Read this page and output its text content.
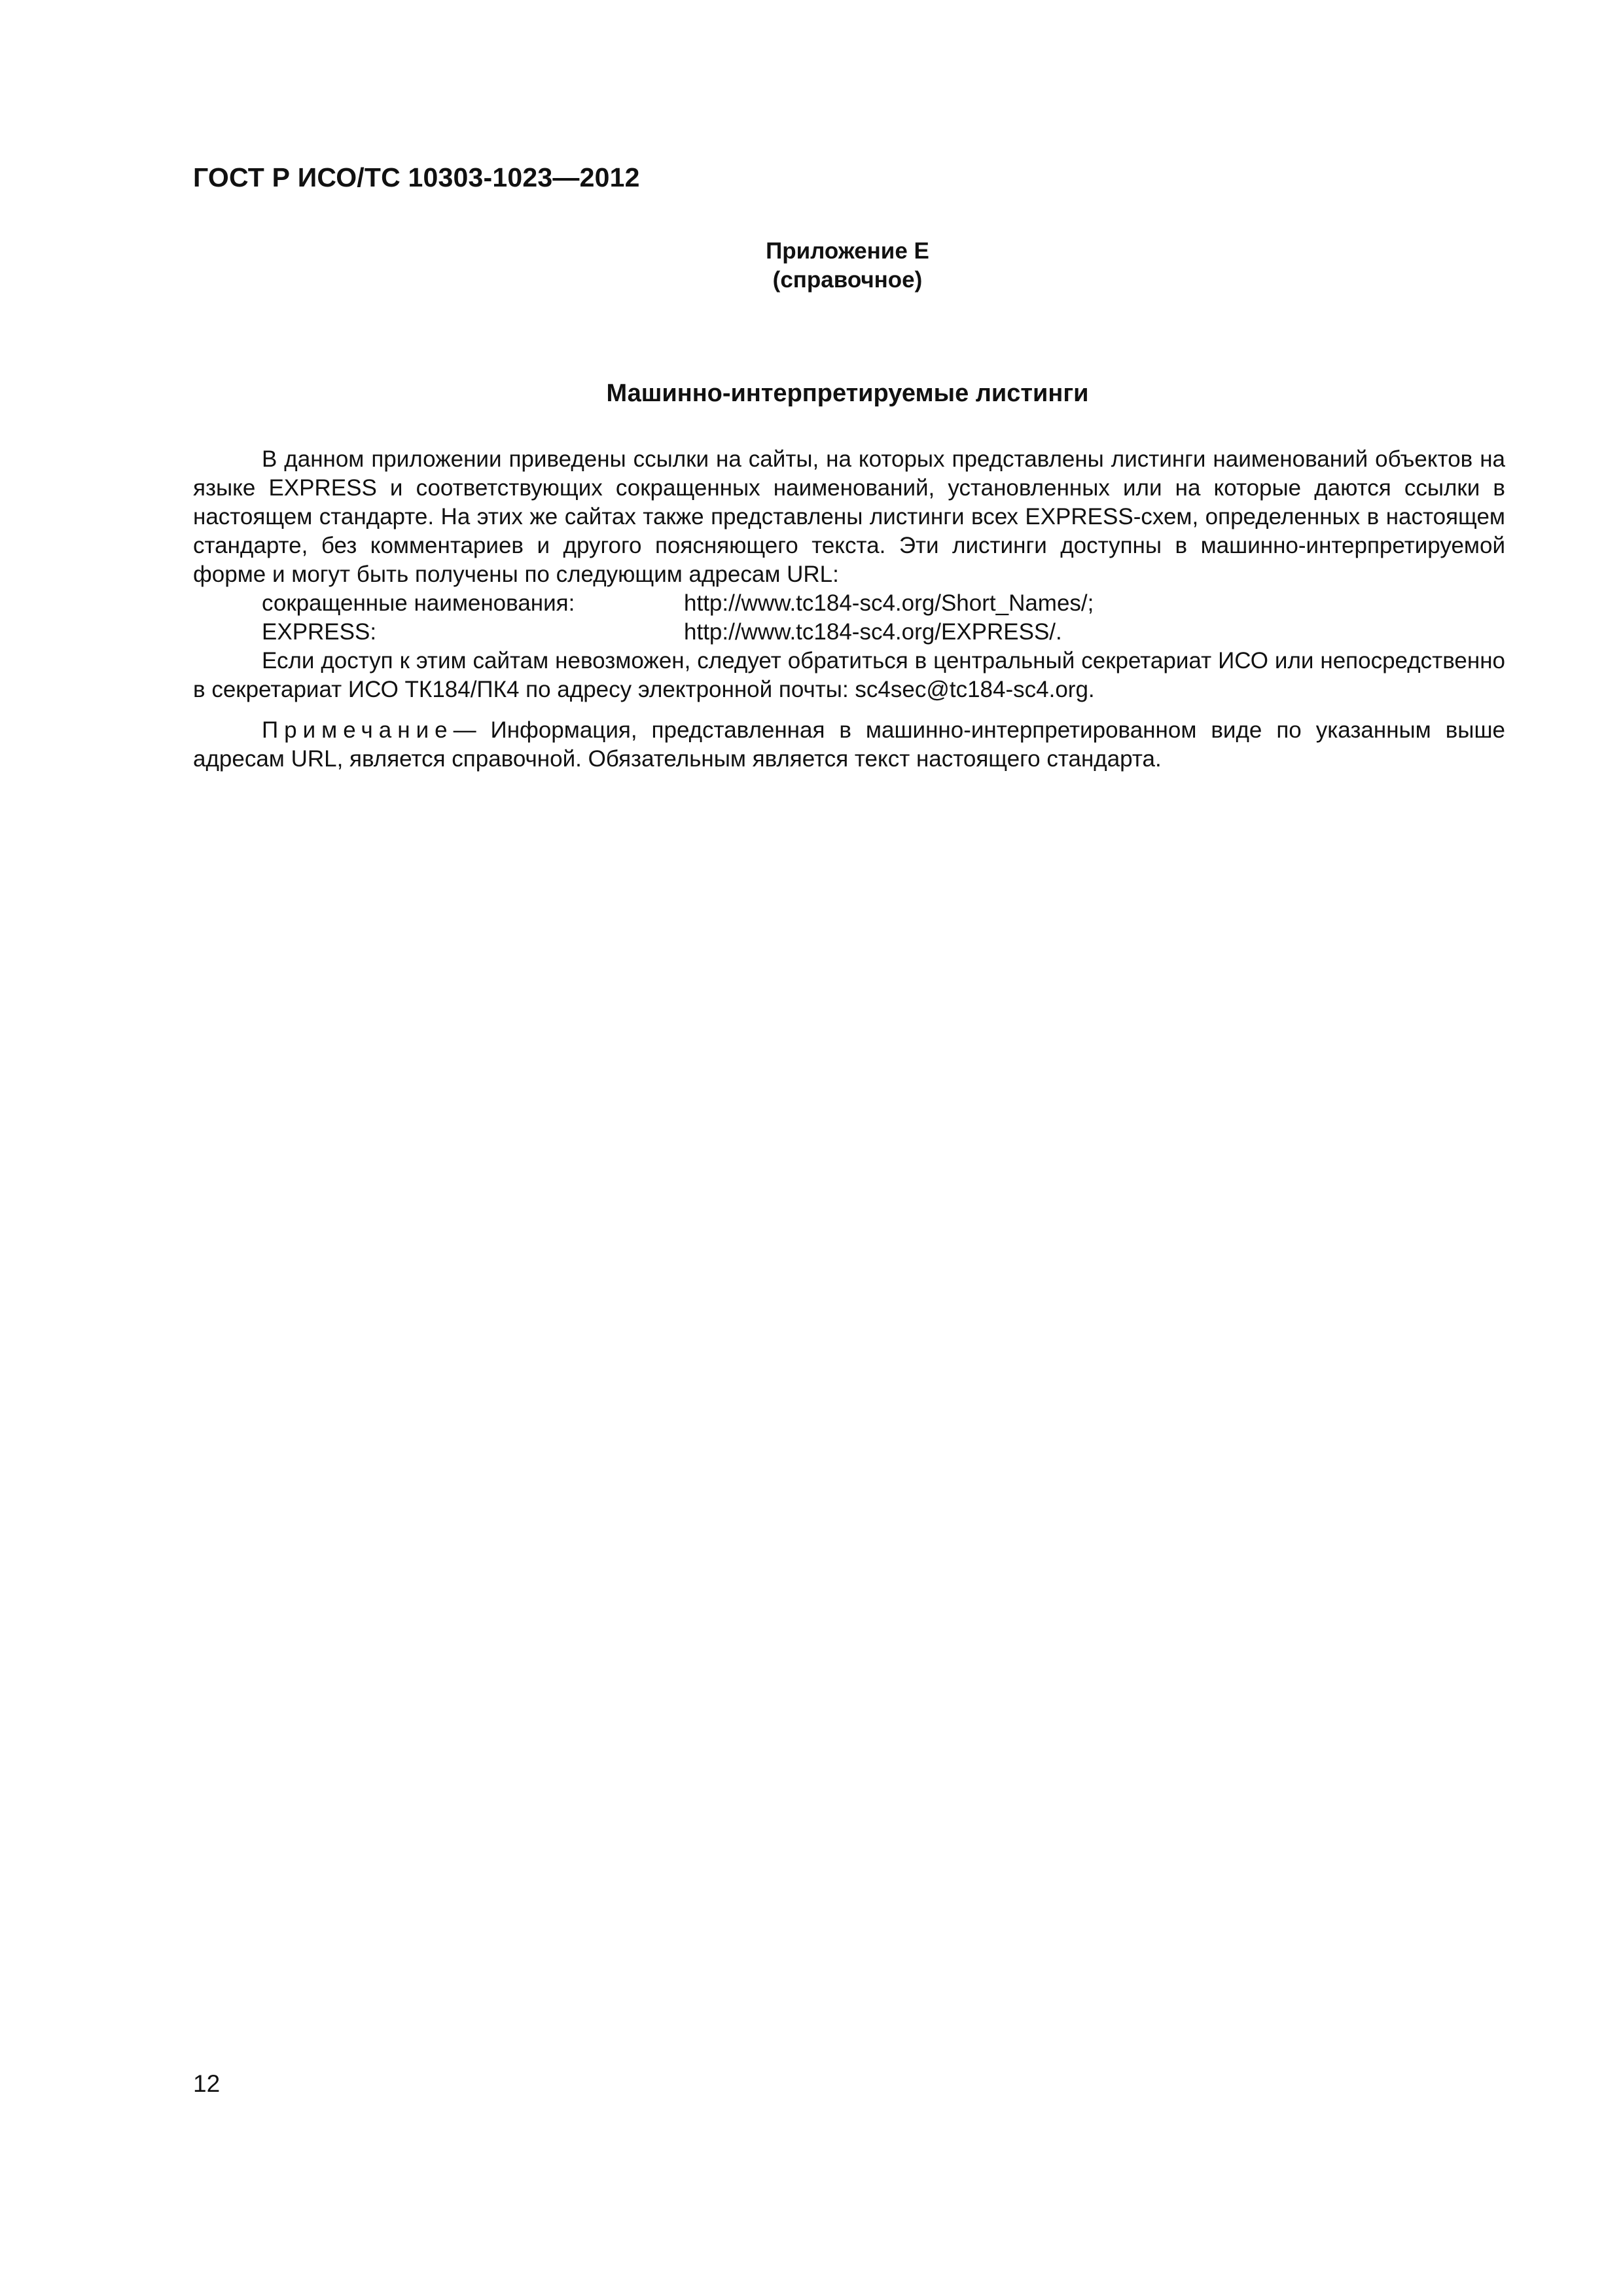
ГОСТ Р ИСО/ТС 10303-1023—2012
Приложение Е
(справочное)
Машинно-интерпретируемые листинги

В данном приложении приведены ссылки на сайты, на которых представлены листинги наименований объектов на языке EXPRESS и соответствующих сокращенных наименований, установленных или на которые даются ссылки в настоящем стандарте. На этих же сайтах также представлены листинги всех EXPRESS-схем, определенных в настоящем стандарте, без комментариев и другого поясняющего текста. Эти листинги доступны в машинно-интерпретируемой форме и могут быть получены по следующим адресам URL:

сокращенные наименования:	http://www.tc184-sc4.org/Short_Names/;
EXPRESS:	http://www.tc184-sc4.org/EXPRESS/.

Если доступ к этим сайтам невозможен, следует обратиться в центральный секретариат ИСО или непосредственно в секретариат ИСО ТК184/ПК4 по адресу электронной почты: sc4sec@tc184-sc4.org.

Примечание— Информация, представленная в машинно-интерпретированном виде по указанным выше адресам URL, является справочной. Обязательным является текст настоящего стандарта.

12
